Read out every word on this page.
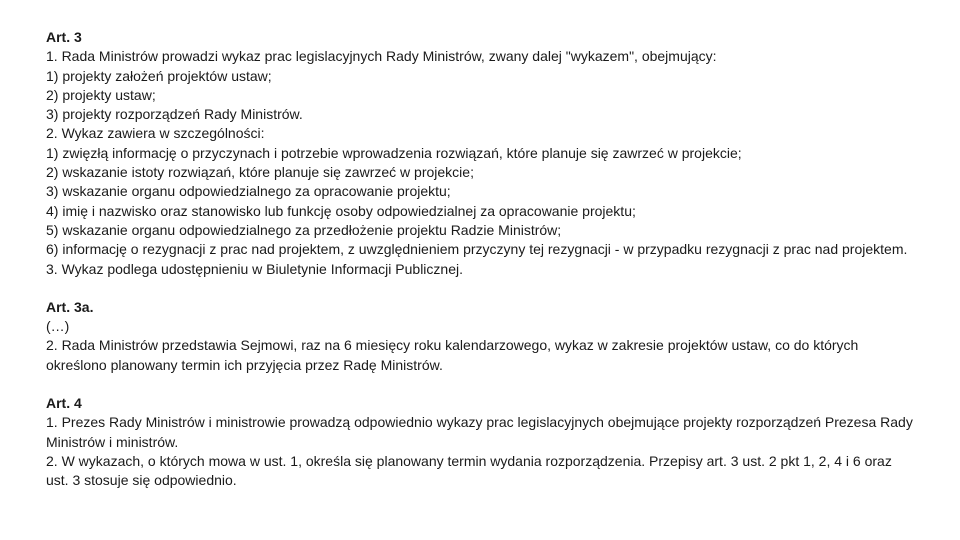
Art. 3
1. Rada Ministrów prowadzi wykaz prac legislacyjnych Rady Ministrów, zwany dalej "wykazem", obejmujący:
1) projekty założeń projektów ustaw;
2) projekty ustaw;
3) projekty rozporządzeń Rady Ministrów.
2. Wykaz zawiera w szczególności:
1) zwięzłą informację o przyczynach i potrzebie wprowadzenia rozwiązań, które planuje się zawrzeć w projekcie;
2) wskazanie istoty rozwiązań, które planuje się zawrzeć w projekcie;
3) wskazanie organu odpowiedzialnego za opracowanie projektu;
4) imię i nazwisko oraz stanowisko lub funkcję osoby odpowiedzialnej za opracowanie projektu;
5) wskazanie organu odpowiedzialnego za przedłożenie projektu Radzie Ministrów;
6) informację o rezygnacji z prac nad projektem, z uwzględnieniem przyczyny tej rezygnacji - w przypadku rezygnacji z prac nad projektem.
3. Wykaz podlega udostępnieniu w Biuletynie Informacji Publicznej.
Art. 3a.
(…)
2. Rada Ministrów przedstawia Sejmowi, raz na 6 miesięcy roku kalendarzowego, wykaz w zakresie projektów ustaw, co do których określono planowany termin ich przyjęcia przez Radę Ministrów.
Art. 4
1. Prezes Rady Ministrów i ministrowie prowadzą odpowiednio wykazy prac legislacyjnych obejmujące projekty rozporządzeń Prezesa Rady Ministrów i ministrów.
2. W wykazach, o których mowa w ust. 1, określa się planowany termin wydania rozporządzenia. Przepisy art. 3 ust. 2 pkt 1, 2, 4 i 6 oraz ust. 3 stosuje się odpowiednio.
